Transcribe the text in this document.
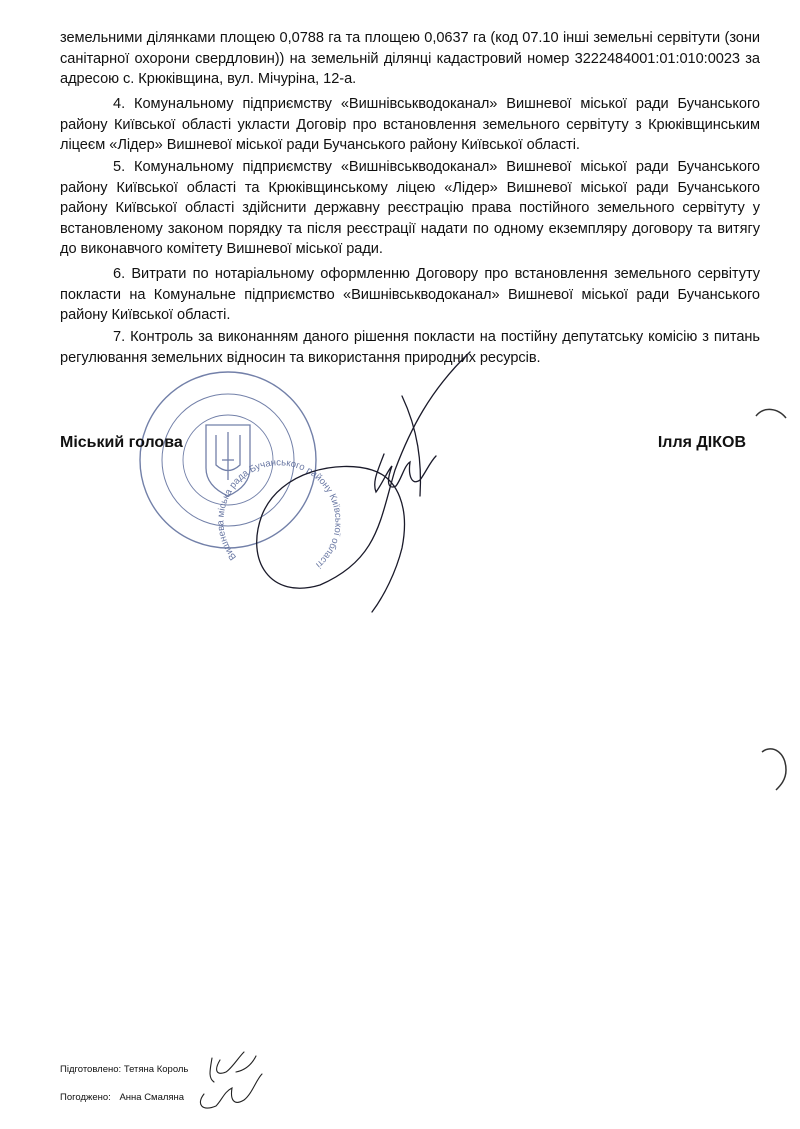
земельними ділянками площею 0,0788 га та площею 0,0637 га (код 07.10 інші земельні сервітути (зони санітарної охорони свердловин)) на земельній ділянці кадастровий номер 3222484001:01:010:0023 за адресою с. Крюківщина, вул. Мічуріна, 12-а.
4. Комунальному підприємству «Вишнівськводоканал» Вишневої міської ради Бучанського району Київської області укласти Договір про встановлення земельного сервітуту з Крюківщинським ліцеєм «Лідер» Вишневої міської ради Бучанського району Київської області.
5. Комунальному підприємству «Вишнівськводоканал» Вишневої міської ради Бучанського району Київської області та Крюківщинському ліцею «Лідер» Вишневої міської ради Бучанського району Київської області здійснити державну реєстрацію права постійного земельного сервітуту у встановленому законом порядку та після реєстрації надати по одному екземпляру договору та витягу до виконавчого комітету Вишневої міської ради.
6. Витрати по нотаріальному оформленню Договору про встановлення земельного сервітуту покласти на Комунальне підприємство «Вишнівськводоканал» Вишневої міської ради Бучанського району Київської області.
7. Контроль за виконанням даного рішення покласти на постійну депутатську комісію з питань регулювання земельних відносин та використання природних ресурсів.
Вишнева міська рада Бучанського району Київської області
Міський голова	Ілля ДІКОВ
Підготовлено: Тетяна Король
Погоджено: Анна Смаляна
